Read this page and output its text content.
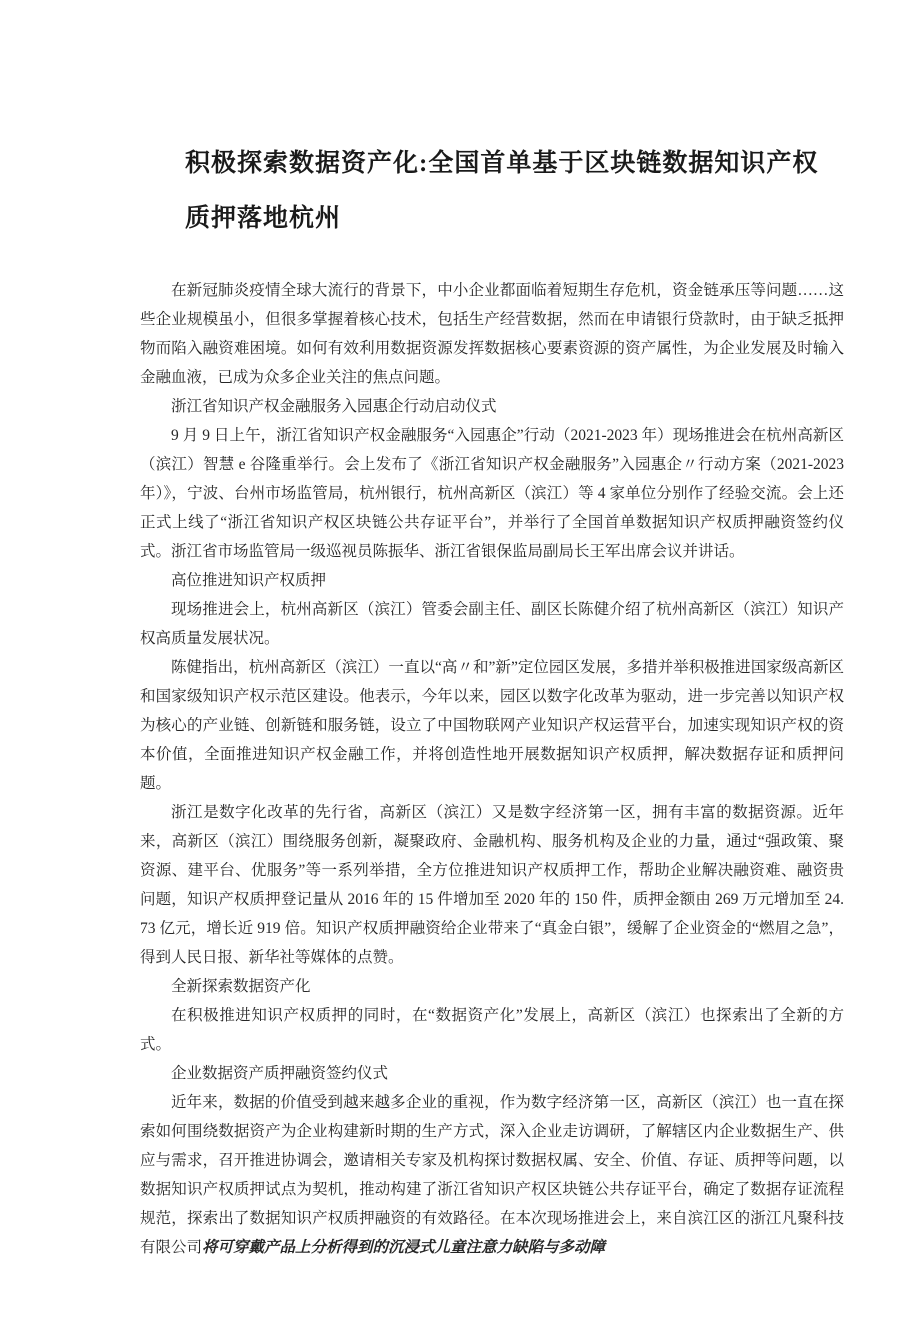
积极探索数据资产化:全国首单基于区块链数据知识产权质押落地杭州

在新冠肺炎疫情全球大流行的背景下，中小企业都面临着短期生存危机，资金链承压等问题……这些企业规模虽小，但很多掌握着核心技术，包括生产经营数据，然而在申请银行贷款时，由于缺乏抵押物而陷入融资难困境。如何有效利用数据资源发挥数据核心要素资源的资产属性，为企业发展及时输入金融血液，已成为众多企业关注的焦点问题。

浙江省知识产权金融服务入园惠企行动启动仪式

9 月 9 日上午，浙江省知识产权金融服务“入园惠企”行动（2021-2023 年）现场推进会在杭州高新区（滨江）智慧 e 谷隆重举行。会上发布了《浙江省知识产权金融服务”入园惠企〃行动方案（2021-2023 年）》，宁波、台州市场监管局，杭州银行，杭州高新区（滨江）等 4 家单位分别作了经验交流。会上还正式上线了“浙江省知识产权区块链公共存证平台”，并举行了全国首单数据知识产权质押融资签约仪式。浙江省市场监管局一级巡视员陈振华、浙江省银保监局副局长王军出席会议并讲话。

高位推进知识产权质押

现场推进会上，杭州高新区（滨江）管委会副主任、副区长陈健介绍了杭州高新区（滨江）知识产权高质量发展状况。

陈健指出，杭州高新区（滨江）一直以“高〃和”新”定位园区发展，多措并举积极推进国家级高新区和国家级知识产权示范区建设。他表示，今年以来，园区以数字化改革为驱动，进一步完善以知识产权为核心的产业链、创新链和服务链，设立了中国物联网产业知识产权运营平台，加速实现知识产权的资本价值，全面推进知识产权金融工作，并将创造性地开展数据知识产权质押，解决数据存证和质押问题。

浙江是数字化改革的先行省，高新区（滨江）又是数字经济第一区，拥有丰富的数据资源。近年来，高新区（滨江）围绕服务创新，凝聚政府、金融机构、服务机构及企业的力量，通过“强政策、聚资源、建平台、优服务”等一系列举措，全方位推进知识产权质押工作，帮助企业解决融资难、融资贵问题，知识产权质押登记量从 2016 年的 15 件增加至 2020 年的 150 件，质押金额由 269 万元增加至 24.73 亿元，增长近 919 倍。知识产权质押融资给企业带来了“真金白银”，缓解了企业资金的“燃眉之急”，得到人民日报、新华社等媒体的点赞。

全新探索数据资产化

在积极推进知识产权质押的同时，在“数据资产化”发展上，高新区（滨江）也探索出了全新的方式。

企业数据资产质押融资签约仪式

近年来，数据的价值受到越来越多企业的重视，作为数字经济第一区，高新区（滨江）也一直在探索如何围绕数据资产为企业构建新时期的生产方式，深入企业走访调研，了解辖区内企业数据生产、供应与需求，召开推进协调会，邀请相关专家及机构探讨数据权属、安全、价值、存证、质押等问题，以数据知识产权质押试点为契机，推动构建了浙江省知识产权区块链公共存证平台，确定了数据存证流程规范，探索出了数据知识产权质押融资的有效路径。在本次现场推进会上，来自滨江区的浙江凡聚科技有限公司将可穿戴产品上分析得到的沉浸式儿童注意力缺陷与多动障
